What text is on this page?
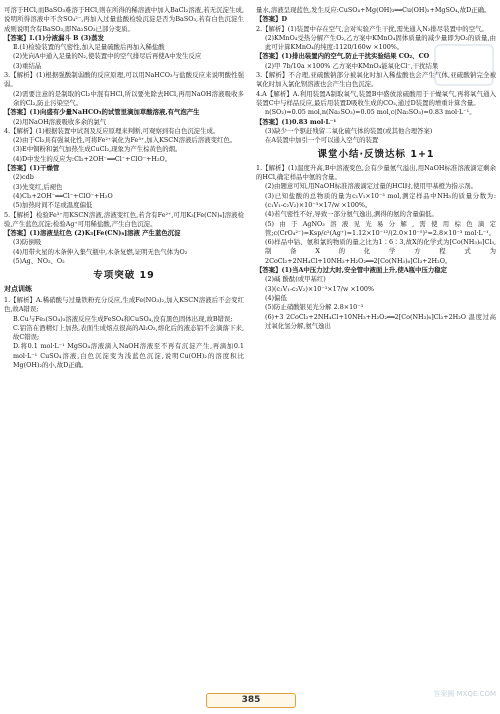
可溶于HCl,而BaSO₃难溶于HCl,则在所得的稀溶液中加入BaCl₂溶液,若无沉淀生成,说明所得溶液中不含SO₄²⁻,再加入过量盐酸检验沉淀是否为BaSO₃,若有白色沉淀生成则说明含有BaSO₃,即Na₂SO₃已部分变质。

【答案】Ⅰ.(1)分液漏斗 B (3)蒸发

Ⅱ.(1)检验装置的气密性,加入足量硫酸后再加入稀盐酸

(2)先向A中通入足量的N₂,使装置中的空气排尽后再使A中发生反应

(3)重结晶

3.【解析】(1)根据强酸制弱酸的反应原理,可以用NaHCO₃与盐酸反应来说明酸性强弱。

(2)需要注意的是制取的Cl₂中混有HCl,所以要先除去HCl,再用NaOH溶液吸收多余的Cl₂,防止污染空气。

【答案】(1)向盛有少量NaHCO₃的试管里滴加草酸溶液,有气泡产生

(2)用NaOH溶液吸收多余的氯气

4.【解析】(1)根据装置中试剂及反应原理来判断,可观察到有白色沉淀生成。

(2)由于Cl₂具有强氧化性,可将Fe²⁺氧化为Fe³⁺,加入KSCN溶液后溶液变红色。

(3)E中铜粉和氯气加热生成CuCl₂,现象为产生棕黄色的烟。

(4)D中发生的反应为:Cl₂+2OH⁻══Cl⁻+ClO⁻+H₂O。

【答案】(1)干燥管

(2)cdb

(3)先变红,后褪色

(4)Cl₂+2OH⁻══Cl⁻+ClO⁻+H₂O

(5)加热时间不足或温度偏低

5.【解析】检验Fe³⁺用KSCN溶液,溶液变红色,若含有Fe²⁺,可用K₃[Fe(CN)₆]溶液检验,产生蓝色沉淀;检验Ag⁺可用稀盐酸,产生白色沉淀。

【答案】(1)溶液呈红色 (2)K₃[Fe(CN)₆]溶液 产生蓝色沉淀

(3)防倒吸

(4)用带火星的木条伸入集气瓶中,木条复燃,证明无色气体为O₂

(5)Ag、NO₂、O₂

专项突破 19
对点训练

1.【解析】A.稀硝酸与过量铁粉充分反应,生成Fe(NO₃)₂,加入KSCN溶液后不会变红色,故A错误;

B.Cu与Fe₂(SO₄)₃溶液反应生成FeSO₄和CuSO₄,没有黑色固体出现,故B错误;

C.铝箔在酒精灯上加热,表面生成熔点很高的Al₂O₃,熔化后的液态铝不会滴落下来,故C错误;

D.将0.1 mol·L⁻¹ MgSO₄溶液滴入NaOH溶液至不再有沉淀产生,再滴加0.1 mol·L⁻¹ CuSO₄溶液,白色沉淀变为浅蓝色沉淀,说明Cu(OH)₂的溶度积比Mg(OH)₂的小,故D正确。

量水,溶液呈现蓝色,发生反应:CuSO₄+Mg(OH)₂══Cu(OH)₂+MgSO₄,故D正确。

【答案】D

2.【解析】(1)装置中存在空气,会对实验产生干扰,需先通入N₂排尽装置中的空气。

(2)KMnO₄受热分解产生O₂,乙方案中KMnO₄固体质量的减少量即为O₂的质量,由此可计算KMnO₄的纯度:1120/160w ×100%。

【答案】(1)排出装置内的空气,防止干扰实验结果 CO₂、CO

(2)甲 7b/10a ×100% 乙方案中KMnO₄能氧化Cl⁻,干扰结果

3.【解析】不合理,亚硫酸钠部分被氧化时加入稀盐酸也会产生气体,亚硫酸钠完全被氧化时加入氯化钡溶液也会产生白色沉淀。

4.A【解析】A.利用装置A制取氧气,装置B中盛放浓硫酸用于干燥氧气,再将氧气通入装置C中与样品反应,最后用装置D吸收生成的CO₂,通过D装置的增重计算含量。

n(SO₂)=0.05 mol,n(Na₂SO₃)=0.05 mol,c(Na₂SO₃)=0.83 mol·L⁻¹。

【答案】(1)0.83 mol·L⁻¹

(3)缺少一个驱赶残留二氧化硫气体的装置(或其他合理答案)

在A装置中加引一个可以通入空气的装置

课堂小结·反馈达标 1+1

1.【解析】(1)温度升高,B中溶液变色,会有少量氨气溢出,用NaOH标准溶液滴定剩余的HCl,确定样品中氨的含量。

(2)由题意可知,用NaOH标准溶液滴定过量的HCl时,使用甲基橙为指示剂。

(3)已知盐酸的总物质的量为c₁V₁×10⁻³ mol,测定样品中NH₃的质量分数为:(c₁V₁-c₂V₂)×10⁻³×17/w ×100%。

(4)若气密性不好,导致一部分氨气逸出,测得的氨的含量偏低。

(5)由于AgNO₃溶液见光易分解,需使用棕色滴定管;c(CrO₄²⁻)=Ksp/c²(Ag⁺)=1.12×10⁻¹²/(2.0×10⁻⁵)²=2.8×10⁻³ mol·L⁻¹。

(6)样品中钴、氨和氯的物质的量之比为1∶6∶3,故X的化学式为[Co(NH₃)₆]Cl₃,制备X的化学方程式为2CoCl₂+2NH₄Cl+10NH₃+H₂O₂══2[Co(NH₃)₆]Cl₃+2H₂O。

【答案】(1)当A中压力过大时,安全管中液面上升,使A瓶中压力稳定

(2)碱 酚酞(或甲基红)

(3)(c₁V₁-c₂V₂)×10⁻³×17/w ×100%

(4)偏低

(5)防止硝酸银见光分解 2.8×10⁻³

(6)+3 2CoCl₂+2NH₄Cl+10NH₃+H₂O₂══2[Co(NH₃)₆]Cl₃+2H₂O 温度过高过氧化氢分解,氨气逸出

385
答案圈 MXQE.COM
